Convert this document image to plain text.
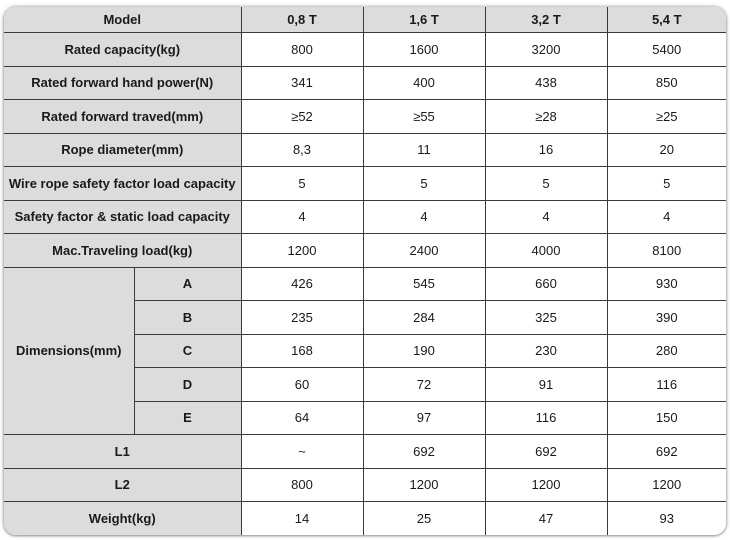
Model		0,8 T	1,6 T	3,2 T	5,4 T
Rated capacity(kg)		800	1600	3200	5400
Rated forward hand power(N)		341	400	438	850
Rated forward traved(mm)		≥52	≥55	≥28	≥25
Rope diameter(mm)		8,3	11	16	20
Wire rope safety factor load capacity		5	5	5	5
Safety factor & static load capacity		4	4	4	4
Mac.Traveling load(kg)		1200	2400	4000	8100
Dimensions(mm)	A	426	545	660	930
	B	235	284	325	390
	C	168	190	230	280
	D	60	72	91	116
	E	64	97	116	150
L1		~	692	692	692
L2		800	1200	1200	1200
Weight(kg)		14	25	47	93
